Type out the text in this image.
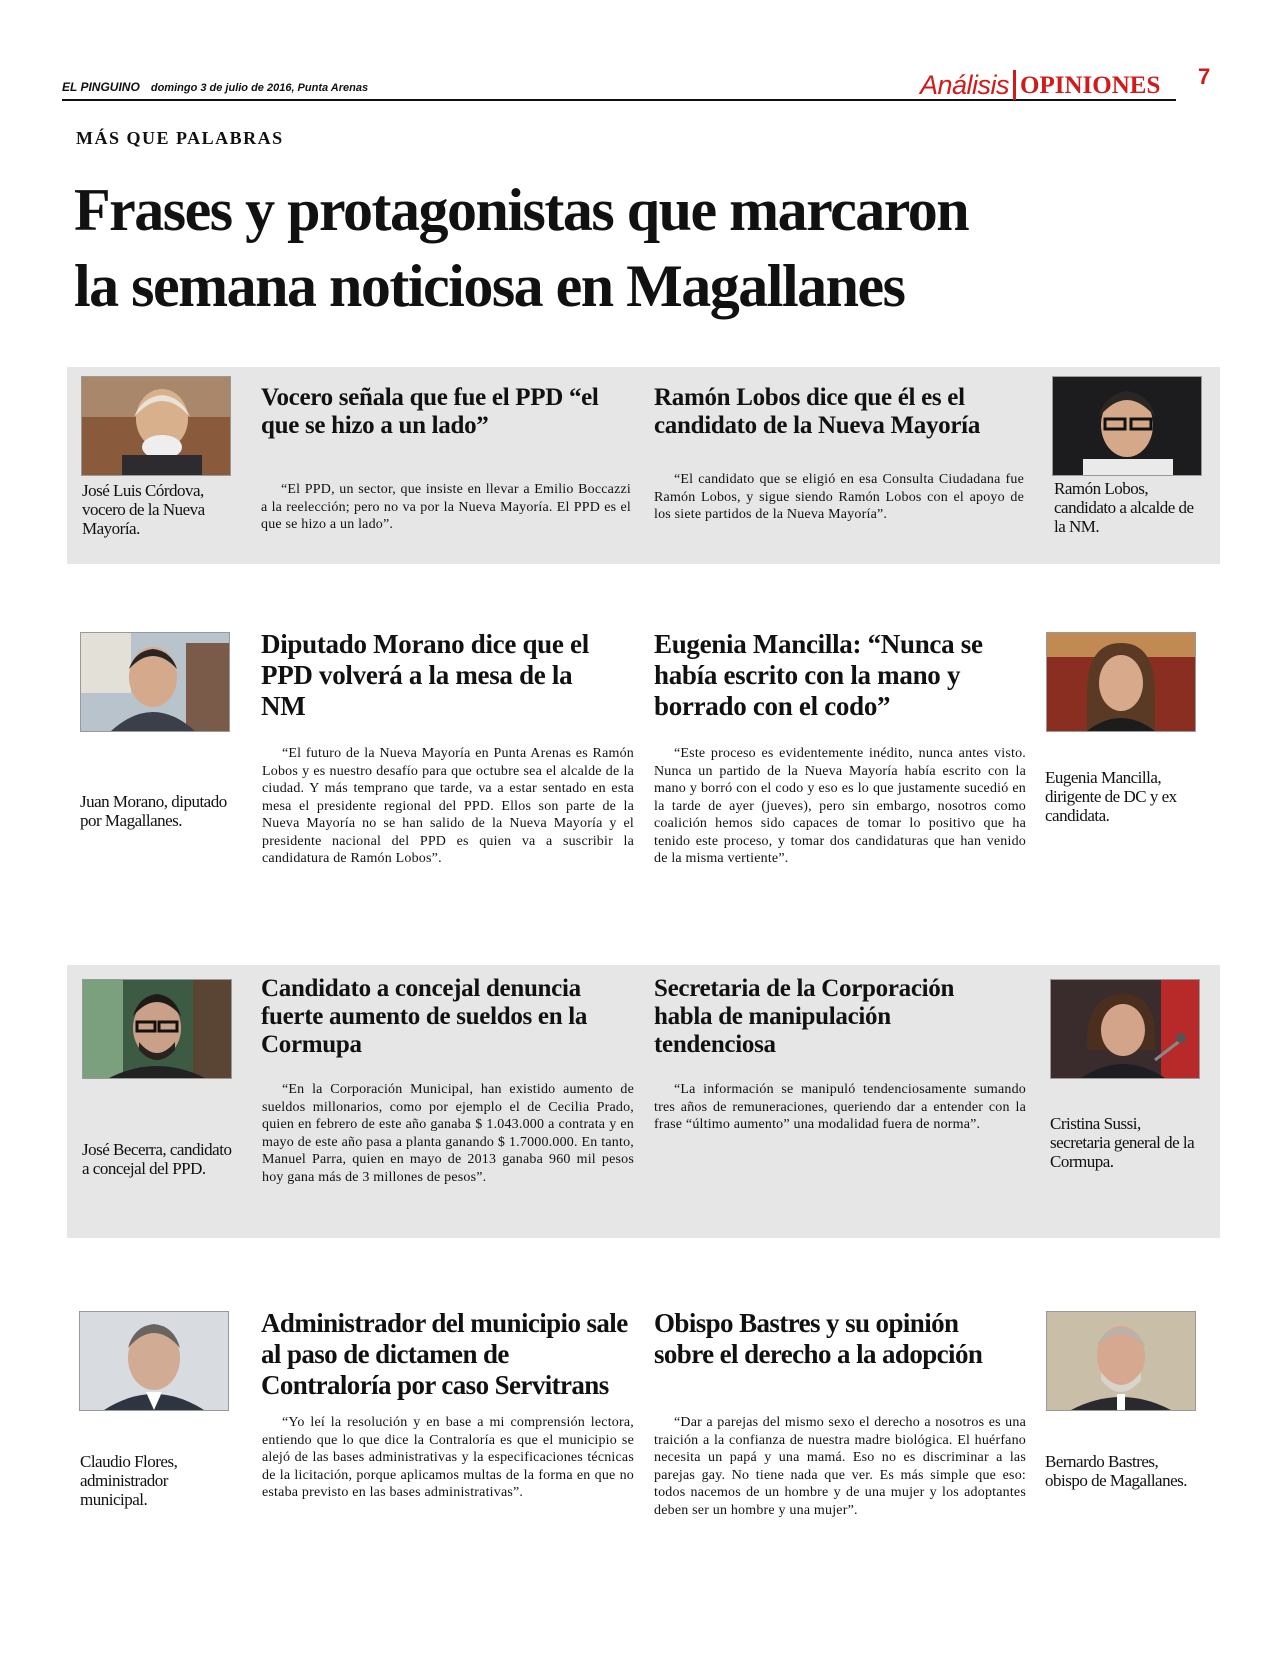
EL PINGUINO domingo 3 de julio de 2016, Punta Arenas	Análisis OPINIONES 7
MÁS QUE PALABRAS
Frases y protagonistas que marcaron
la semana noticiosa en Magallanes
José Luis Córdova, vocero de la Nueva Mayoría.
Vocero señala que fue el PPD “el que se hizo a un lado”
“El PPD, un sector, que insiste en llevar a Emilio Boccazzi a la reelección; pero no va por la Nueva Mayoría. El PPD es el que se hizo a un lado”.
Ramón Lobos dice que él es el candidato de la Nueva Mayoría
“El candidato que se eligió en esa Consulta Ciudadana fue Ramón Lobos, y sigue siendo Ramón Lobos con el apoyo de los siete partidos de la Nueva Mayoría”.
Ramón Lobos, candidato a alcalde de la NM.
Juan Morano, diputado por Magallanes.
Diputado Morano dice que el PPD volverá a la mesa de la NM
“El futuro de la Nueva Mayoría en Punta Arenas es Ramón Lobos y es nuestro desafío para que octubre sea el alcalde de la ciudad. Y más temprano que tarde, va a estar sentado en esta mesa el presidente regional del PPD. Ellos son parte de la Nueva Mayoría no se han salido de la Nueva Mayoría y el presidente nacional del PPD es quien va a suscribir la candidatura de Ramón Lobos”.
Eugenia Mancilla: “Nunca se había escrito con la mano y borrado con el codo”
“Este proceso es evidentemente inédito, nunca antes visto. Nunca un partido de la Nueva Mayoría había escrito con la mano y borró con el codo y eso es lo que justamente sucedió en la tarde de ayer (jueves), pero sin embargo, nosotros como coalición hemos sido capaces de tomar lo positivo que ha tenido este proceso, y tomar dos candidaturas que han venido de la misma vertiente”.
Eugenia Mancilla, dirigente de DC y ex candidata.
José Becerra, candidato a concejal del PPD.
Candidato a concejal denuncia fuerte aumento de sueldos en la Cormupa
“En la Corporación Municipal, han existido aumento de sueldos millonarios, como por ejemplo el de Cecilia Prado, quien en febrero de este año ganaba $ 1.043.000 a contrata y en mayo de este año pasa a planta ganando $ 1.7000.000. En tanto, Manuel Parra, quien en mayo de 2013 ganaba 960 mil pesos hoy gana más de 3 millones de pesos”.
Secretaria de la Corporación habla de manipulación tendenciosa
“La información se manipuló tendenciosamente sumando tres años de remuneraciones, queriendo dar a entender con la frase “último aumento” una modalidad fuera de norma”.	Cristina Sussi, secretaria general de la Cormupa.
Claudio Flores, administrador municipal.
Administrador del municipio sale al paso de dictamen de Contraloría por caso Servitrans
“Yo leí la resolución y en base a mi comprensión lectora, entiendo que lo que dice la Contraloría es que el municipio se alejó de las bases administrativas y la especificaciones técnicas de la licitación, porque aplicamos multas de la forma en que no estaba previsto en las bases administrativas”.
Obispo Bastres y su opinión sobre el derecho a la adopción
“Dar a parejas del mismo sexo el derecho a nosotros es una traición a la confianza de nuestra madre biológica. El huérfano necesita un papá y una mamá. Eso no es discriminar a las parejas gay. No tiene nada que ver. Es más simple que eso: todos nacemos de un hombre y de una mujer y los adoptantes deben ser un hombre y una mujer”.
Bernardo Bastres, obispo de Magallanes.
